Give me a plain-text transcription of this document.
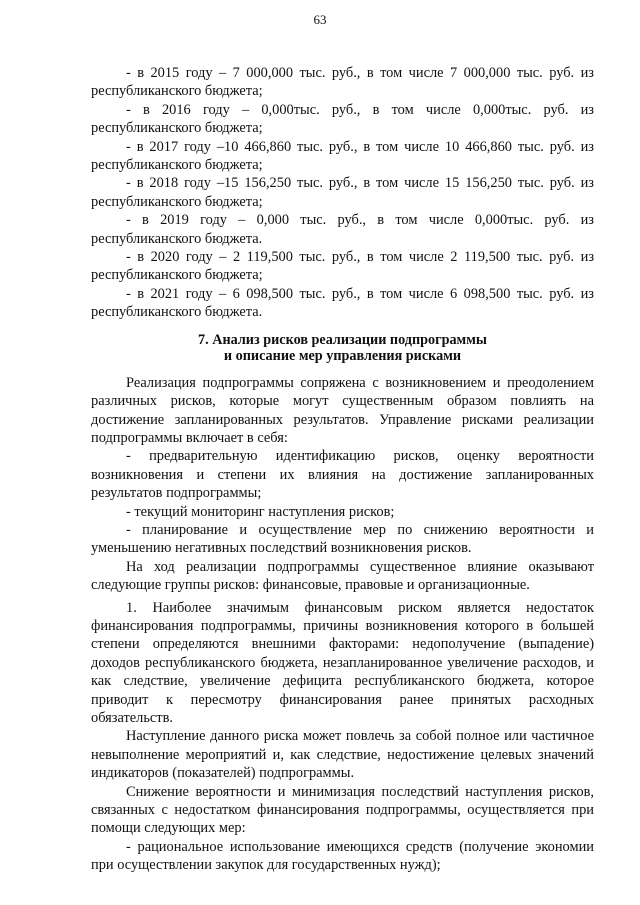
63

- в 2015 году – 7 000,000 тыс. руб., в том числе 7 000,000 тыс. руб. из республиканского бюджета;

- в 2016 году – 0,000тыс. руб., в том числе 0,000тыс. руб. из республиканского бюджета;

- в 2017 году –10 466,860 тыс. руб., в том числе 10 466,860 тыс. руб. из республиканского бюджета;

- в 2018 году –15 156,250 тыс. руб., в том числе 15 156,250 тыс. руб. из республиканского бюджета;

- в 2019 году – 0,000 тыс. руб., в том числе 0,000тыс. руб. из республиканского бюджета.

- в 2020 году – 2 119,500 тыс. руб., в том числе 2 119,500 тыс. руб. из республиканского бюджета;

- в 2021 году – 6 098,500 тыс. руб., в том числе 6 098,500 тыс. руб. из республиканского бюджета.

7. Анализ рисков реализации подпрограммы
и описание мер управления рисками

Реализация подпрограммы сопряжена с возникновением и преодолением различных рисков, которые могут существенным образом повлиять на достижение запланированных результатов. Управление рисками реализации подпрограммы включает в себя:

- предварительную идентификацию рисков, оценку вероятности возникновения и степени их влияния на достижение запланированных результатов подпрограммы;

- текущий мониторинг наступления рисков;

- планирование и осуществление мер по снижению вероятности и уменьшению негативных последствий возникновения рисков.

На ход реализации подпрограммы существенное влияние оказывают следующие группы рисков: финансовые, правовые и организационные.

1. Наиболее значимым финансовым риском является недостаток финансирования подпрограммы, причины возникновения которого в большей степени определяются внешними факторами: недополучение (выпадение) доходов республиканского бюджета, незапланированное увеличение расходов, и как следствие, увеличение дефицита республиканского бюджета, которое приводит к пересмотру финансирования ранее принятых расходных обязательств.

Наступление данного риска может повлечь за собой полное или частичное невыполнение мероприятий и, как следствие, недостижение целевых значений индикаторов (показателей) подпрограммы.

Снижение вероятности и минимизация последствий наступления рисков, связанных с недостатком финансирования подпрограммы, осуществляется при помощи следующих мер:

- рациональное использование имеющихся средств (получение экономии при осуществлении закупок для государственных нужд);
